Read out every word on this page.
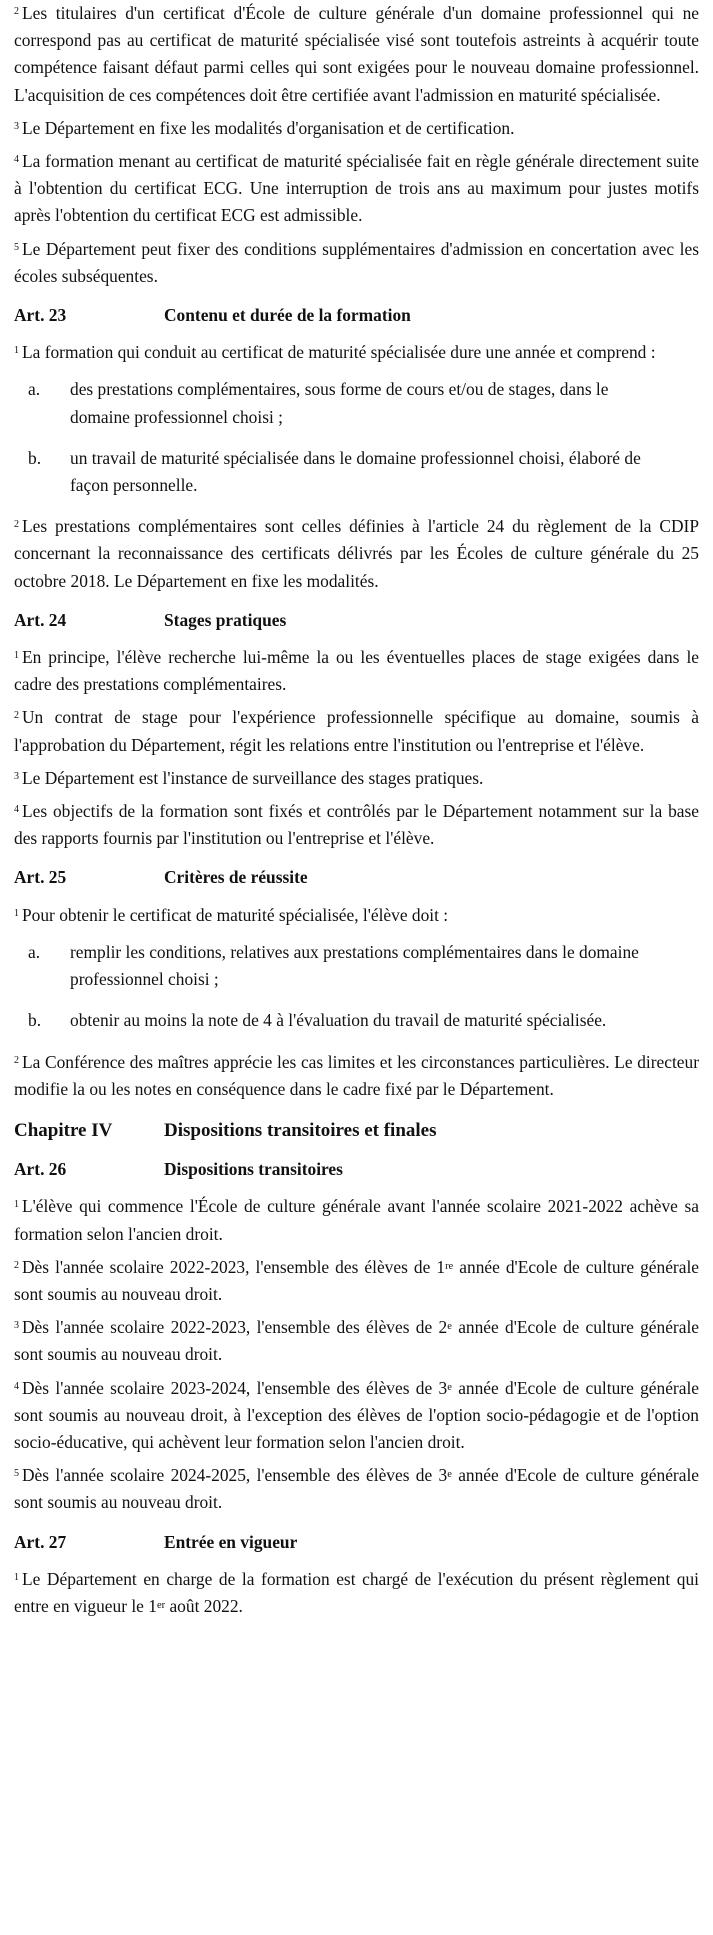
$^2$ Les titulaires d'un certificat d'École de culture générale d'un domaine professionnel qui ne correspond pas au certificat de maturité spécialisée visé sont toutefois astreints à acquérir toute compétence faisant défaut parmi celles qui sont exigées pour le nouveau domaine professionnel. L'acquisition de ces compétences doit être certifiée avant l'admission en maturité spécialisée.

$^3$ Le Département en fixe les modalités d'organisation et de certification.

$^4$ La formation menant au certificat de maturité spécialisée fait en règle générale directement suite à l'obtention du certificat ECG. Une interruption de trois ans au maximum pour justes motifs après l'obtention du certificat ECG est admissible.

$^5$ Le Département peut fixer des conditions supplémentaires d'admission en concertation avec les écoles subséquentes.

Art. 23	Contenu et durée de la formation

$^1$ La formation qui conduit au certificat de maturité spécialisée dure une année et comprend :

a.	des prestations complémentaires, sous forme de cours et/ou de stages, dans le domaine professionnel choisi ;
b.	un travail de maturité spécialisée dans le domaine professionnel choisi, élaboré de façon personnelle.

$^2$ Les prestations complémentaires sont celles définies à l'article 24 du règlement de la CDIP concernant la reconnaissance des certificats délivrés par les Écoles de culture générale du 25 octobre 2018. Le Département en fixe les modalités.

Art. 24	Stages pratiques

$^1$ En principe, l'élève recherche lui-même la ou les éventuelles places de stage exigées dans le cadre des prestations complémentaires.

$^2$ Un contrat de stage pour l'expérience professionnelle spécifique au domaine, soumis à l'approbation du Département, régit les relations entre l'institution ou l'entreprise et l'élève.

$^3$ Le Département est l'instance de surveillance des stages pratiques.

$^4$ Les objectifs de la formation sont fixés et contrôlés par le Département notamment sur la base des rapports fournis par l'institution ou l'entreprise et l'élève.

Art. 25	Critères de réussite

$^1$ Pour obtenir le certificat de maturité spécialisée, l'élève doit :

a.	remplir les conditions, relatives aux prestations complémentaires dans le domaine professionnel choisi ;
b.	obtenir au moins la note de 4 à l'évaluation du travail de maturité spécialisée.

$^2$ La Conférence des maîtres apprécie les cas limites et les circonstances particulières. Le directeur modifie la ou les notes en conséquence dans le cadre fixé par le Département.

Chapitre IV	Dispositions transitoires et finales
Art. 26	Dispositions transitoires

$^1$ L'élève qui commence l'École de culture générale avant l'année scolaire 2021-2022 achève sa formation selon l'ancien droit.

$^2$ Dès l'année scolaire 2022-2023, l'ensemble des élèves de 1re année d'Ecole de culture générale sont soumis au nouveau droit.

$^3$ Dès l'année scolaire 2022-2023, l'ensemble des élèves de 2e année d'Ecole de culture générale sont soumis au nouveau droit.

$^4$ Dès l'année scolaire 2023-2024, l'ensemble des élèves de 3e année d'Ecole de culture générale sont soumis au nouveau droit, à l'exception des élèves de l'option socio-pédagogie et de l'option socio-éducative, qui achèvent leur formation selon l'ancien droit.

$^5$ Dès l'année scolaire 2024-2025, l'ensemble des élèves de 3e année d'Ecole de culture générale sont soumis au nouveau droit.

Art. 27	Entrée en vigueur

$^1$ Le Département en charge de la formation est chargé de l'exécution du présent règlement qui entre en vigueur le 1er août 2022.
